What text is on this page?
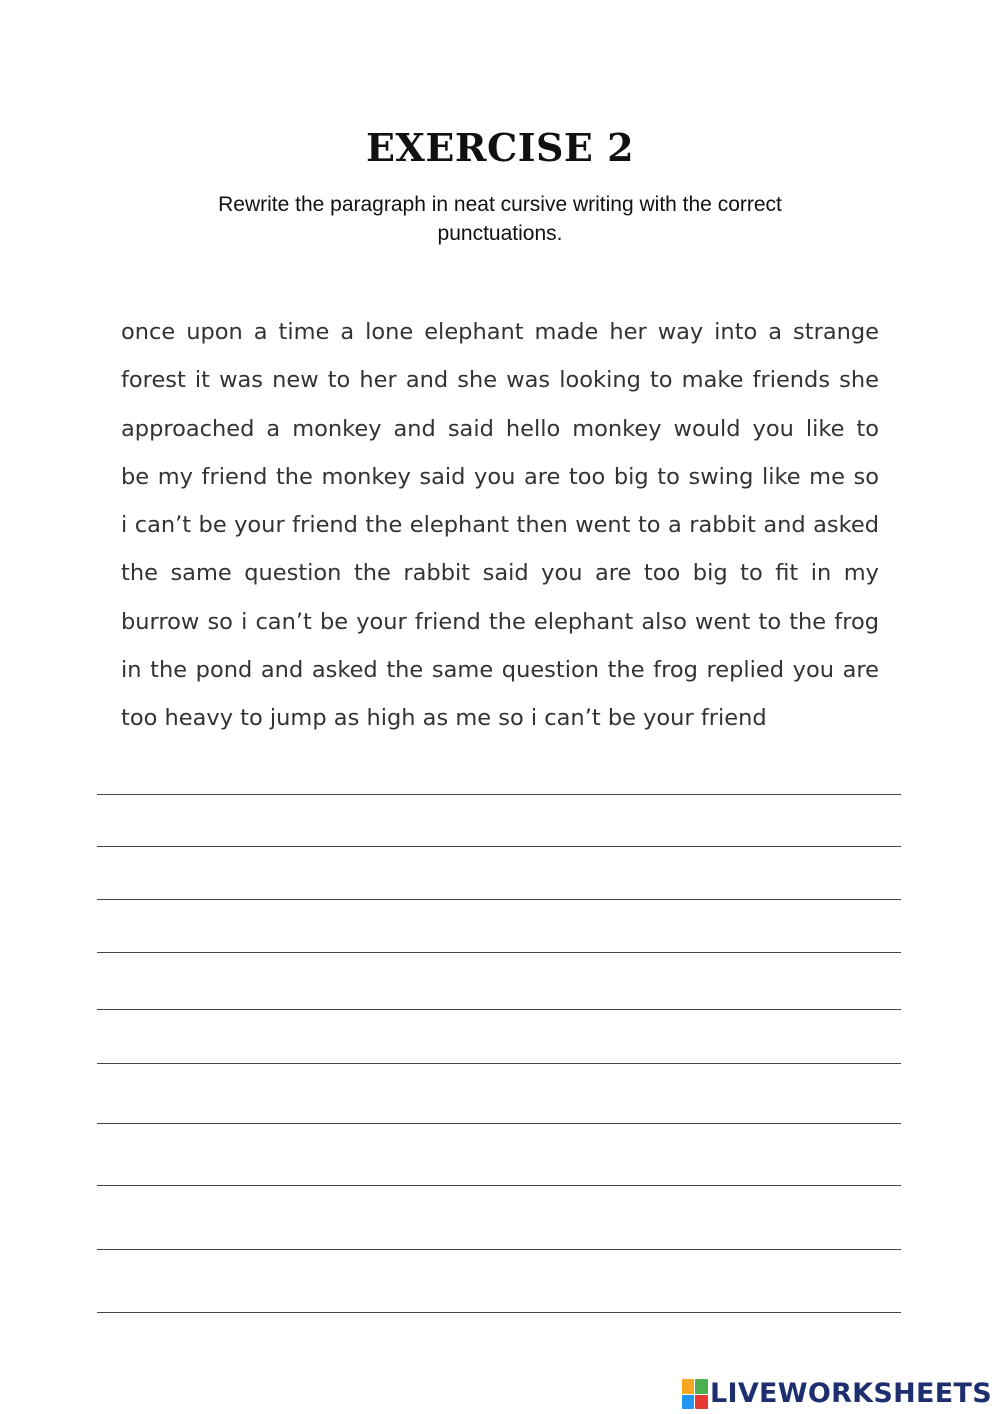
EXERCISE 2

Rewrite the paragraph in neat cursive writing with the correct punctuations.

once upon a time a lone elephant made her way into a strange
forest it was new to her and she was looking to make friends she
approached a monkey and said hello monkey would you like to
be my friend the monkey said you are too big to swing like me so
i can’t be your friend the elephant then went to a rabbit and asked
the same question the rabbit said you are too big to fit in my
burrow so i can’t be your friend the elephant also went to the frog
in the pond and asked the same question the frog replied you are
too heavy to jump as high as me so i can’t be your friend
LIVEWORKSHEETS
